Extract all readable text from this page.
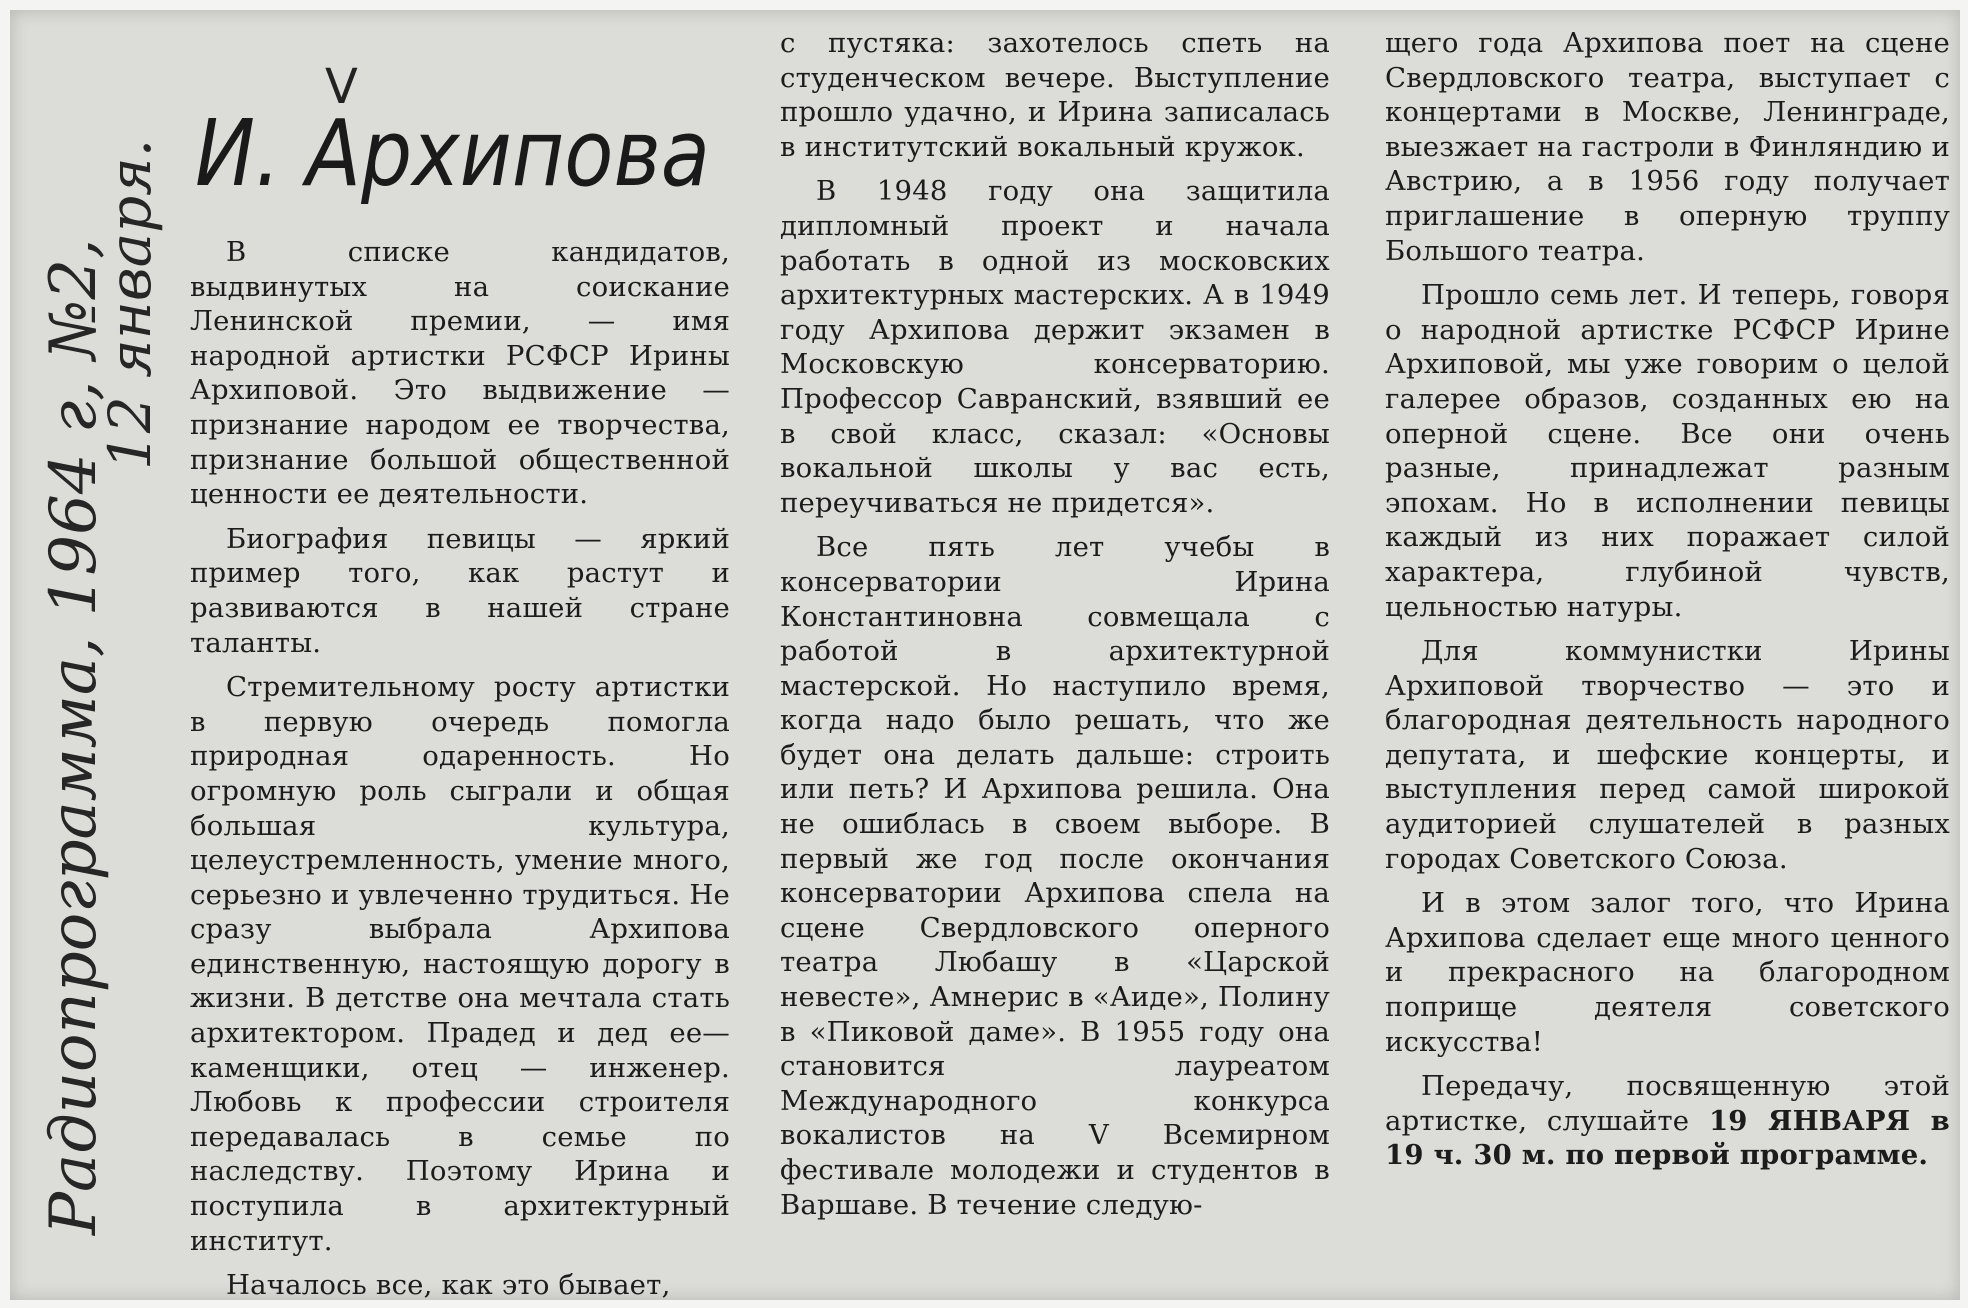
Радиопрограмма, 1964 г, №2,
12 января.
V
И. Архипова

В списке кандидатов, выдвинутых на соискание Ленинской премии, — имя народной артистки РСФСР Ирины Архиповой. Это выдвижение — признание народом ее творчества, признание большой общественной ценности ее деятельности.

Биография певицы — яркий пример того, как растут и развиваются в нашей стране таланты.

Стремительному росту артистки в первую очередь помогла природная одаренность. Но огромную роль сыграли и общая большая культура, целеустремленность, умение много, серьезно и увлеченно трудиться. Не сразу выбрала Архипова единственную, настоящую дорогу в жизни. В детстве она мечтала стать архитектором. Прадед и дед ее—каменщики, отец — инженер. Любовь к профессии строителя передавалась в семье по наследству. Поэтому Ирина и поступила в архитектурный институт.

Началось все, как это бывает,

с пустяка: захотелось спеть на студенческом вечере. Выступление прошло удачно, и Ирина записалась в институтский вокальный кружок.

В 1948 году она защитила дипломный проект и начала работать в одной из московских архитектурных мастерских. А в 1949 году Архипова держит экзамен в Московскую консерваторию. Профессор Савранский, взявший ее в свой класс, сказал: «Основы вокальной школы у вас есть, переучиваться не придется».

Все пять лет учебы в консерватории Ирина Константиновна совмещала с работой в архитектурной мастерской. Но наступило время, когда надо было решать, что же будет она делать дальше: строить или петь? И Архипова решила. Она не ошиблась в своем выборе. В первый же год после окончания консерватории Архипова спела на сцене Свердловского оперного театра Любашу в «Царской невесте», Амнерис в «Аиде», Полину в «Пиковой даме». В 1955 году она становится лауреатом Международного конкурса вокалистов на V Всемирном фестивале молодежи и студентов в Варшаве. В течение следую-

щего года Архипова поет на сцене Свердловского театра, выступает с концертами в Москве, Ленинграде, выезжает на гастроли в Финляндию и Австрию, а в 1956 году получает приглашение в оперную труппу Большого театра.

Прошло семь лет. И теперь, говоря о народной артистке РСФСР Ирине Архиповой, мы уже говорим о целой галерее образов, созданных ею на оперной сцене. Все они очень разные, принадлежат разным эпохам. Но в исполнении певицы каждый из них поражает силой характера, глубиной чувств, цельностью натуры.

Для коммунистки Ирины Архиповой творчество — это и благородная деятельность народного депутата, и шефские концерты, и выступления перед самой широкой аудиторией слушателей в разных городах Советского Союза.

И в этом залог того, что Ирина Архипова сделает еще много ценного и прекрасного на благородном поприще деятеля советского искусства!

Передачу, посвященную этой артистке, слушайте 19 ЯНВАРЯ в 19 ч. 30 м. по первой программе.
